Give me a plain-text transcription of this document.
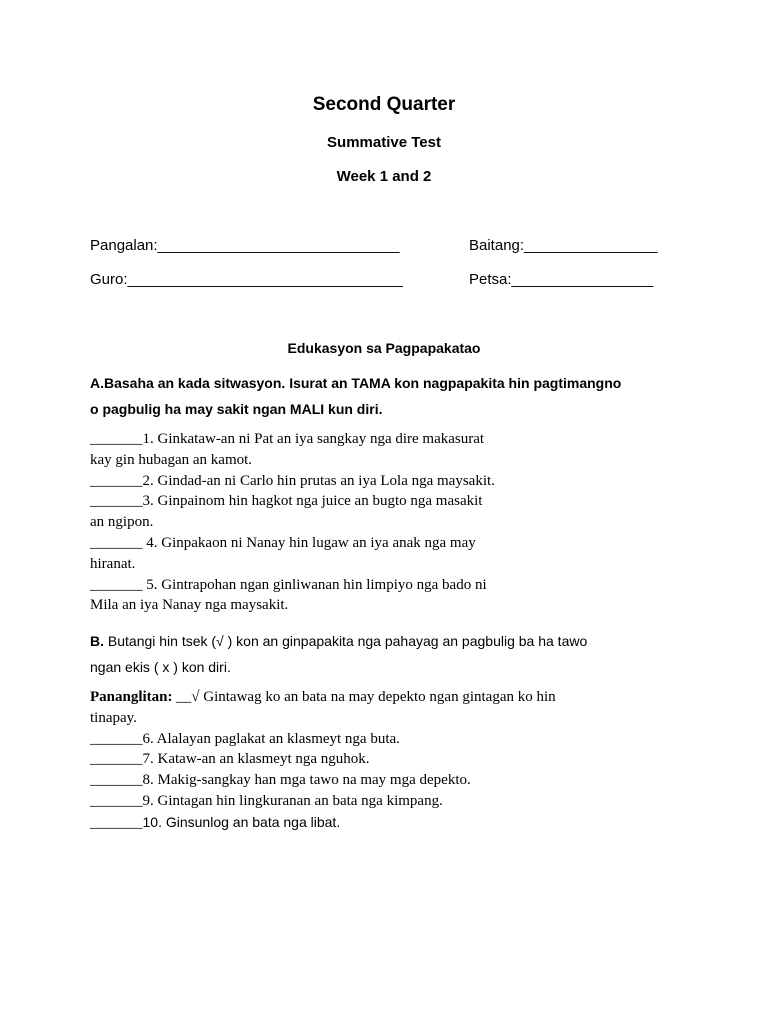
Second Quarter
Summative Test
Week 1 and 2
Pangalan:_____________________________	Baitang:________________
Guro:_________________________________	Petsa:_________________
Edukasyon sa Pagpapakatao
A.Basaha an kada sitwasyon. Isurat an TAMA kon nagpapakita hin pagtimangno
o pagbulig ha may sakit ngan MALI kun diri.
_______1. Ginkataw-an ni Pat an iya sangkay nga dire makasurat
kay gin hubagan an kamot.
_______2. Gindad-an ni Carlo hin prutas an iya Lola nga maysakit.
_______3. Ginpainom hin hagkot nga juice an bugto nga masakit
an ngipon.
_______ 4. Ginpakaon ni Nanay hin lugaw an iya anak nga may
hiranat.
_______ 5. Gintrapohan ngan ginliwanan hin limpiyo nga bado ni
Mila an iya Nanay nga maysakit.
B. Butangi hin tsek (√ ) kon an ginpapakita nga pahayag an pagbulig ba ha tawo
ngan ekis ( x ) kon diri.
Pananglitan: __√ Gintawag ko an bata na may depekto ngan gintagan ko hin
tinapay.
_______6. Alalayan paglakat an klasmeyt nga buta.
_______7. Kataw-an an klasmeyt nga nguhok.
_______8. Makig-sangkay han mga tawo na may mga depekto.
_______9. Gintagan hin lingkuranan an bata nga kimpang.
_______10. Ginsunlog an bata nga libat.
